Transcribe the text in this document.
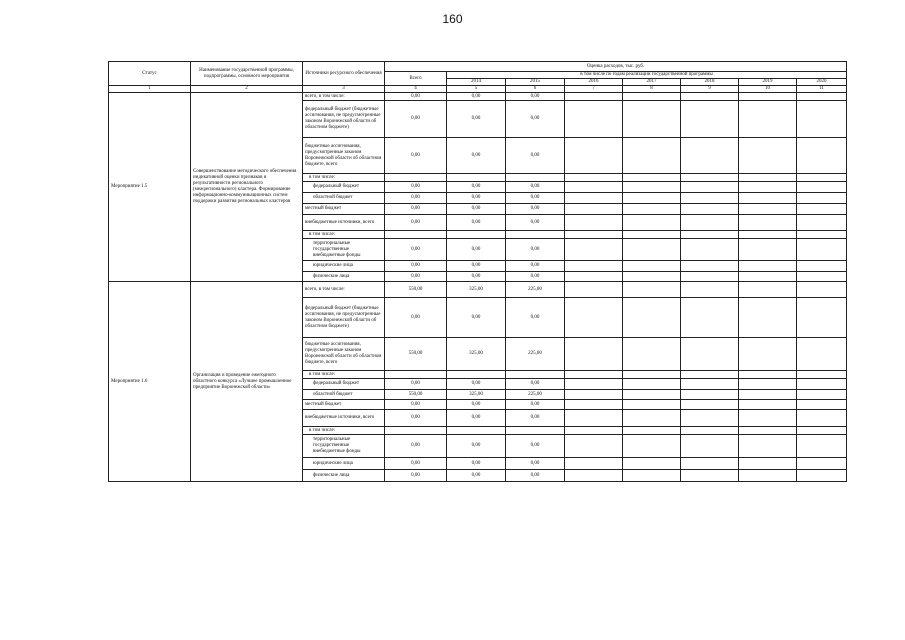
160
Статус	Наименование государственной программы, подпрограммы, основного мероприятия	Источники ресурсного обеспечения	Оценка расходов, тыс. руб.							
			Всего	в том числе по годам реализации государственной программы						
				2014	2015	2016	2017	2018	2019	2020
1	2	3	4	5	6	7	8	9	10	11
Мероприятие 1.5	Совершенствование методического обеспечения индикативной оценки признаков и результативности регионального (межрегионального) кластера. Формирование информационно-коммуникационных систем поддержки развития региональных кластеров	всего, в том числе:	0,00	0,00	0,00					
		федеральный бюджет (бюджетные ассигнования, не предусмотренные законом Воронежской области об областном бюджете)	0,00	0,00	0,00					
		бюджетные ассигнования, предусмотренные законом Воронежской области об областном бюджете, всего	0,00	0,00	0,00					
		в том числе:								
		федеральный бюджет	0,00	0,00	0,00					
		областной бюджет	0,00	0,00	0,00					
		местный бюджет	0,00	0,00	0,00					
		внебюджетные источники, всего	0,00	0,00	0,00					
		в том числе:								
		территориальные государственные внебюджетные фонды	0,00	0,00	0,00					
		юридические лица	0,00	0,00	0,00					
		физические лица	0,00	0,00	0,00					
Мероприятие 1.6	Организация и проведение ежегодного областного конкурса «Лучшее промышленное предприятие Воронежской области»	всего, в том числе:	550,00	325,00	225,00					
		федеральный бюджет (бюджетные ассигнования, не предусмотренные законом Воронежской области об областном бюджете)	0,00	0,00	0,00					
		бюджетные ассигнования, предусмотренные законом Воронежской области об областном бюджете, всего	550,00	325,00	225,00					
		в том числе:								
		федеральный бюджет	0,00	0,00	0,00					
		областной бюджет	550,00	325,00	225,00					
		местный бюджет	0,00	0,00	0,00					
		внебюджетные источники, всего	0,00	0,00	0,00					
		в том числе:								
		территориальные государственные внебюджетные фонды	0,00	0,00	0,00					
		юридические лица	0,00	0,00	0,00					
		физические лица	0,00	0,00	0,00					
